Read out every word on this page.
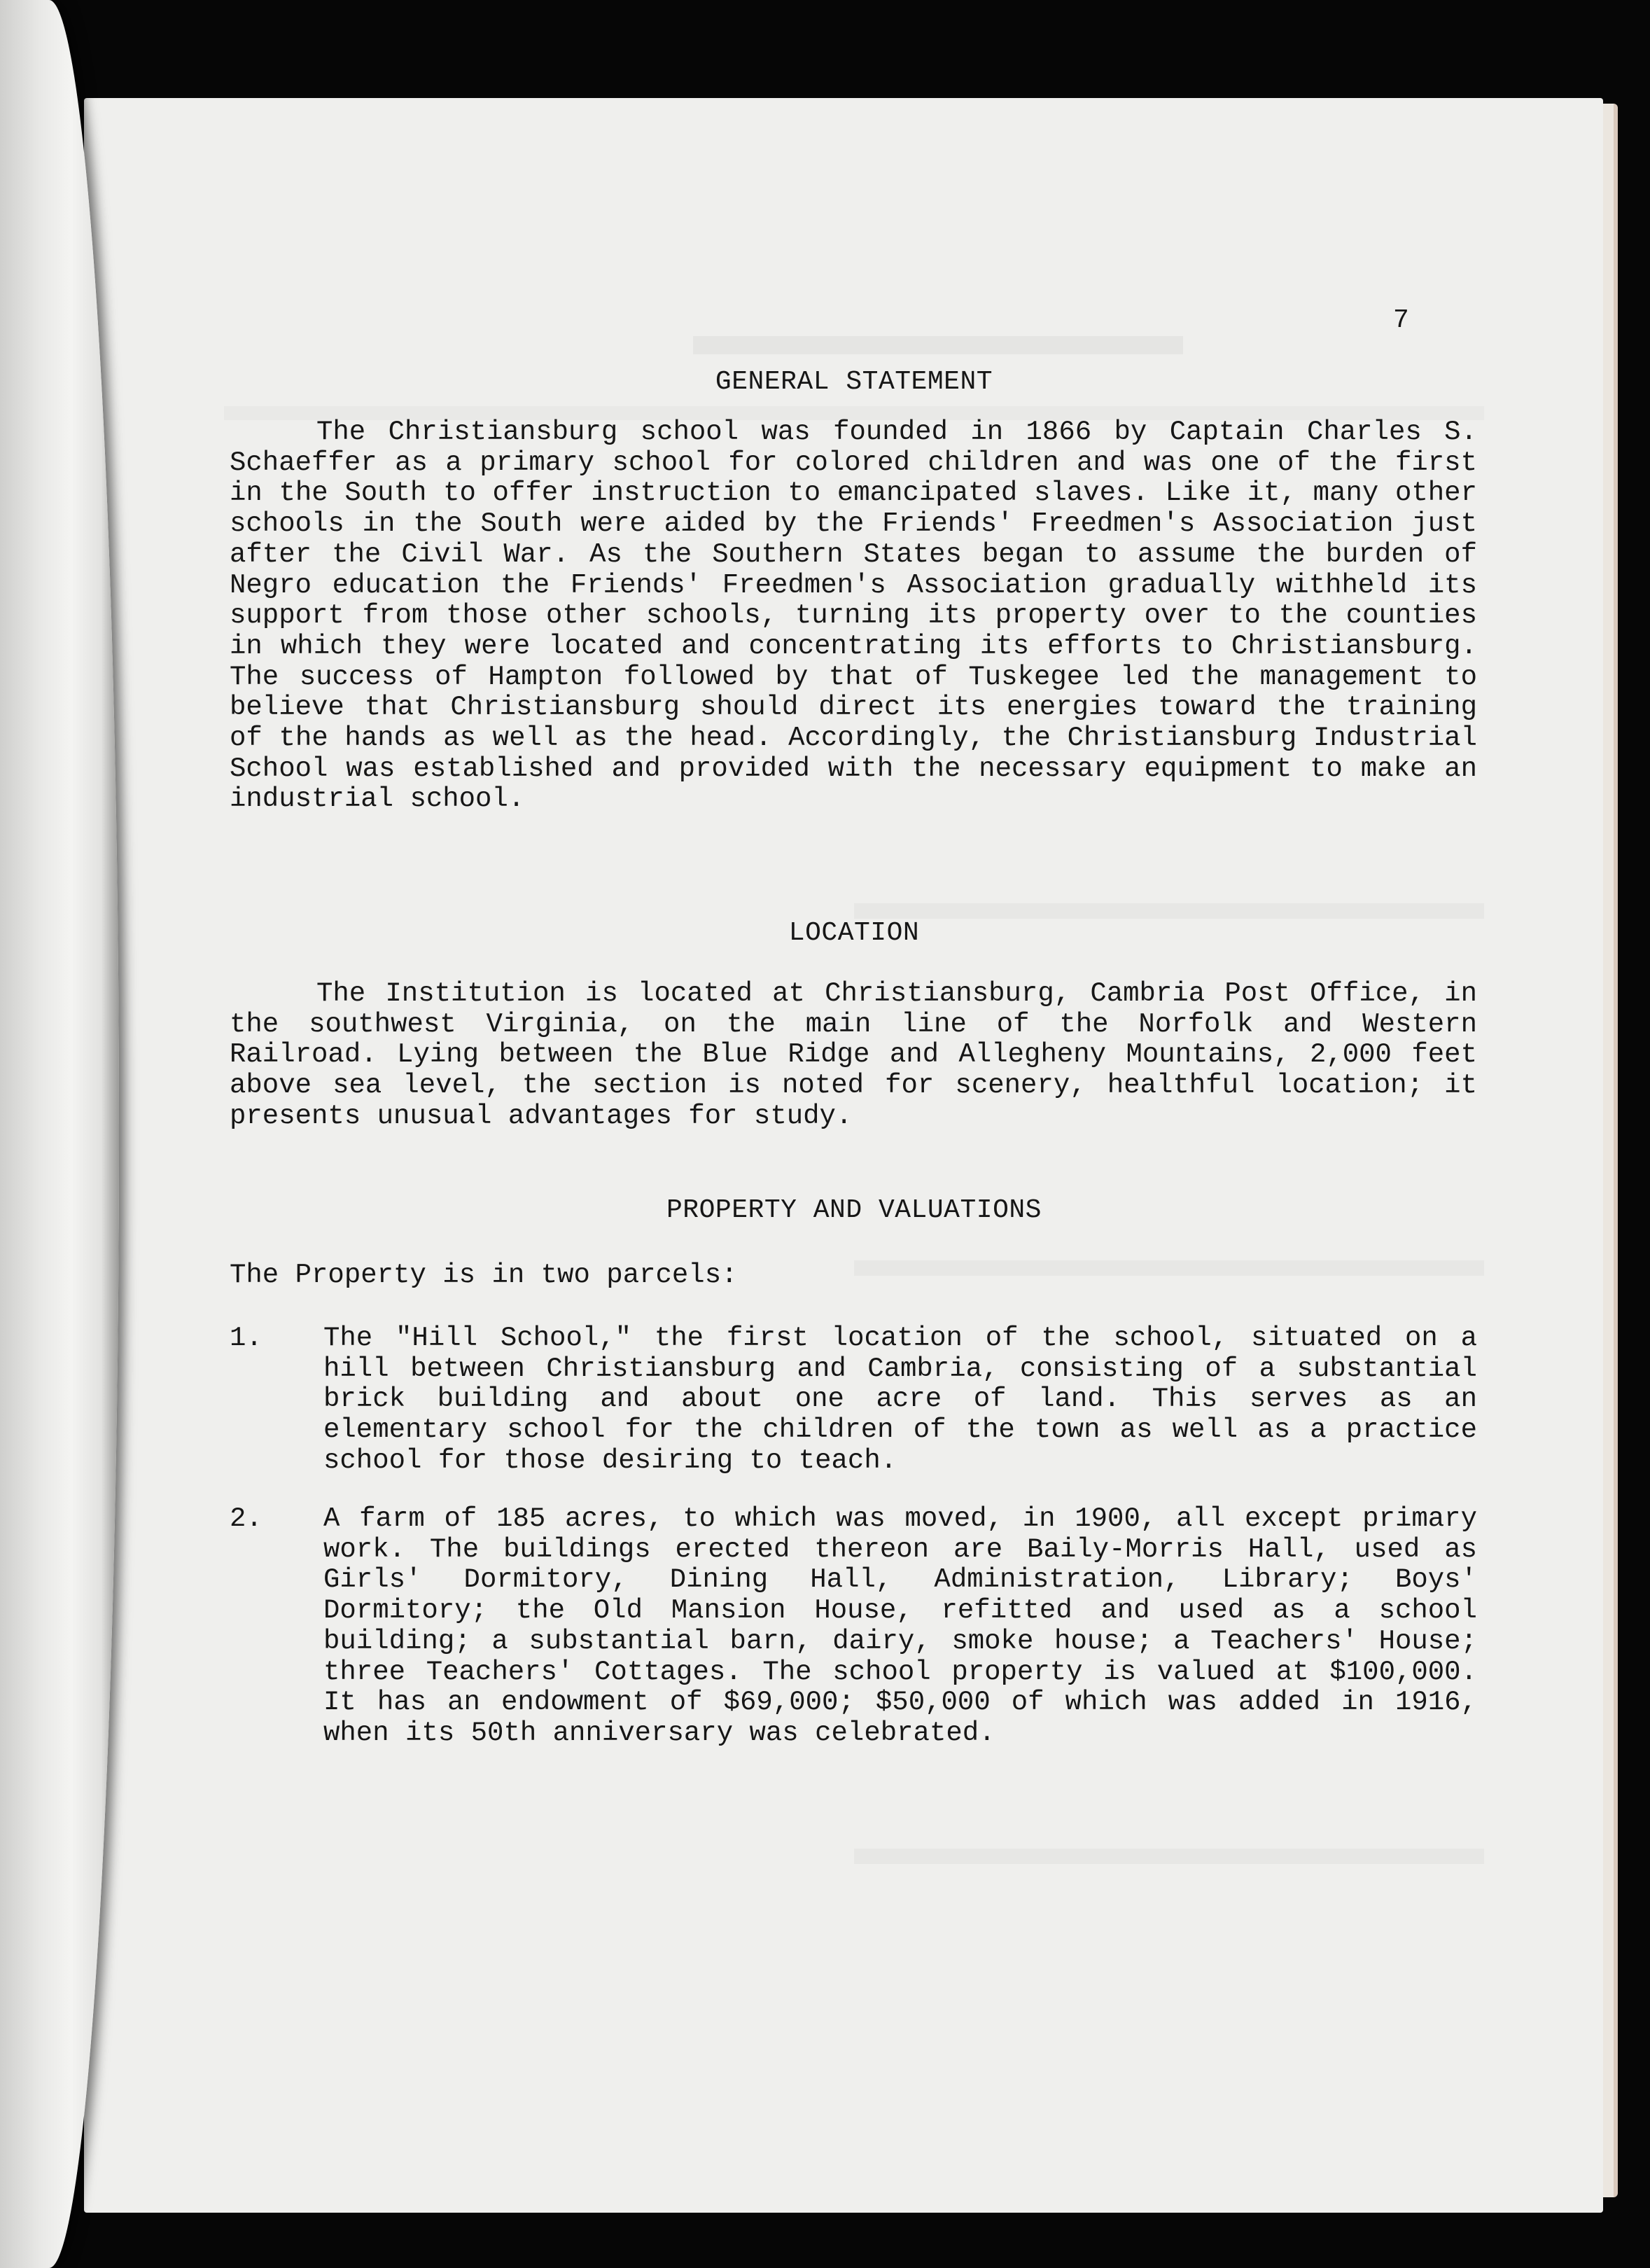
7
GENERAL STATEMENT
The Christiansburg school was founded in 1866 by Captain Charles S. Schaeffer as a primary school for colored children and was one of the first in the South to offer instruction to emancipated slaves. Like it, many other schools in the South were aided by the Friends' Freedmen's Association just after the Civil War. As the Southern States began to assume the burden of Negro education the Friends' Freedmen's Association gradually withheld its support from those other schools, turning its property over to the counties in which they were located and concentrating its efforts to Christiansburg. The success of Hampton followed by that of Tuskegee led the management to believe that Christiansburg should direct its energies toward the training of the hands as well as the head. Accordingly, the Christiansburg Industrial School was established and provided with the necessary equipment to make an industrial school.
LOCATION
The Institution is located at Christiansburg, Cambria Post Office, in the southwest Virginia, on the main line of the Norfolk and Western Railroad. Lying between the Blue Ridge and Allegheny Mountains, 2,000 feet above sea level, the section is noted for scenery, healthful location; it presents unusual advantages for study.
PROPERTY AND VALUATIONS
The Property is in two parcels:
1. The "Hill School," the first location of the school, situated on a hill between Christiansburg and Cambria, consisting of a substantial brick building and about one acre of land. This serves as an elementary school for the children of the town as well as a practice school for those desiring to teach.
2. A farm of 185 acres, to which was moved, in 1900, all except primary work. The buildings erected thereon are Baily-Morris Hall, used as Girls' Dormitory, Dining Hall, Administration, Library; Boys' Dormitory; the Old Mansion House, refitted and used as a school building; a substantial barn, dairy, smoke house; a Teachers' House; three Teachers' Cottages. The school property is valued at $100,000. It has an endowment of $69,000; $50,000 of which was added in 1916, when its 50th anniversary was celebrated.
